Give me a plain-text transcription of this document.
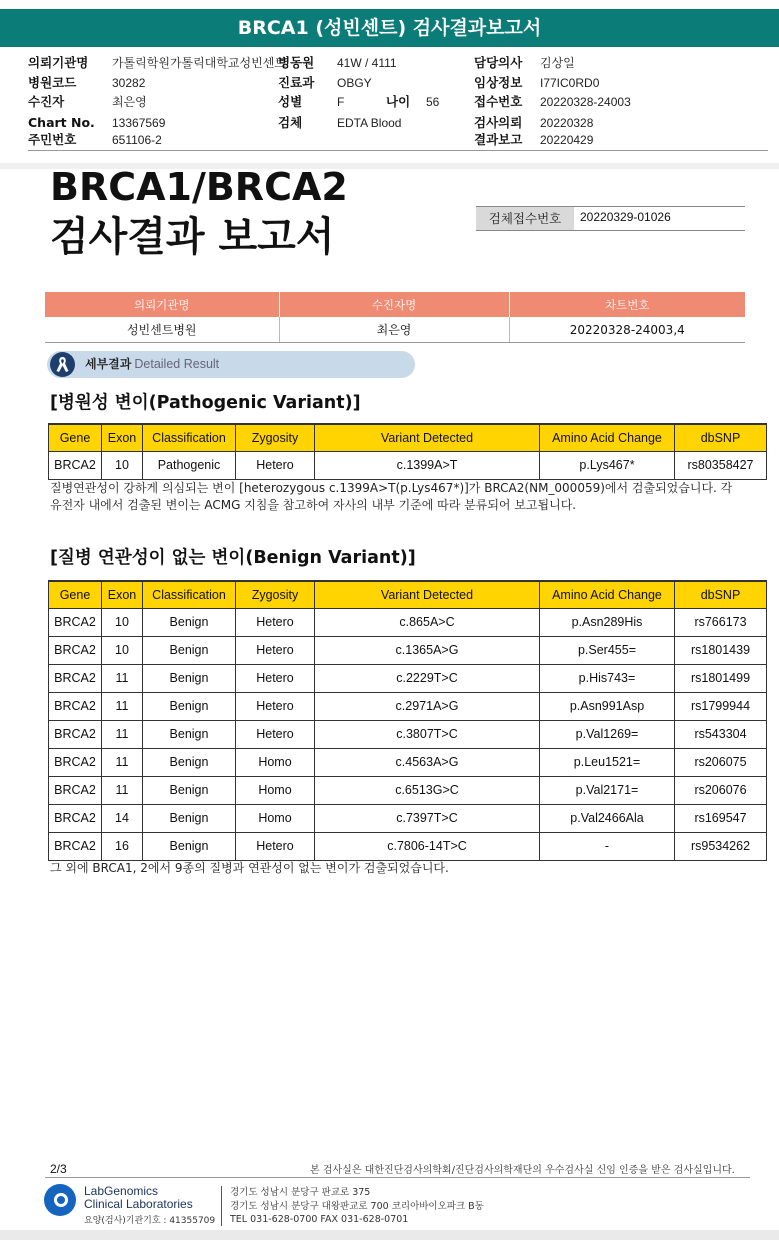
BRCA1 (성빈센트) 검사결과보고서
의뢰기관명 가톨릭학원가톨릭대학교성빈센트
병동원 41W / 4111	담당의사 김상일
병원코드	30282	진료과 OBGY	임상정보 I77IC0RD0
수진자	최은영	성별	F	나이 56	접수번호 20220328-24003
Chart No. 13367569	검체	EDTA Blood	검사의뢰 20220328
주민번호	651106-2	결과보고 20220429
BRCA1/BRCA2
검사결과 보고서	검체접수번호	20220329-01026
의뢰기관명	수진자명	차트번호
성빈센트병원	최은영	20220328-24003,4
세부결과 Detailed Result
[병원성 변이(Pathogenic Variant)]
Gene	Exon	Classification	Zygosity	Variant Detected	Amino Acid Change	dbSNP
BRCA2	10	Pathogenic	Hetero	c.1399A>T	p.Lys467*	rs80358427
질병연관성이 강하게 의심되는 변이 [heterozygous c.1399A>T(p.Lys467*)]가 BRCA2(NM_000059)에서 검출되었습니다. 각
유전자 내에서 검출된 변이는 ACMG 지침을 참고하여 자사의 내부 기준에 따라 분류되어 보고됩니다.
[질병 연관성이 없는 변이(Benign Variant)]
Gene	Exon	Classification	Zygosity	Variant Detected	Amino Acid Change	dbSNP
BRCA2	10	Benign	Hetero	c.865A>C	p.Asn289His	rs766173
BRCA2	10	Benign	Hetero	c.1365A>G	p.Ser455=	rs1801439
BRCA2	11	Benign	Hetero	c.2229T>C	p.His743=	rs1801499
BRCA2	11	Benign	Hetero	c.2971A>G	p.Asn991Asp	rs1799944
BRCA2	11	Benign	Hetero	c.3807T>C	p.Val1269=	rs543304
BRCA2	11	Benign	Homo	c.4563A>G	p.Leu1521=	rs206075
BRCA2	11	Benign	Homo	c.6513G>C	p.Val2171=	rs206076
BRCA2	14	Benign	Homo	c.7397T>C	p.Val2466Ala	rs169547
BRCA2	16	Benign	Hetero	c.7806-14T>C	-	rs9534262
그 외에 BRCA1, 2에서 9종의 질병과 연관성이 없는 변이가 검출되었습니다.
2/3	본 검사실은 대한진단검사의학회/진단검사의학재단의 우수검사실 신임 인증을 받은 검사실입니다.
LabGenomics
Clinical Laboratories
요양(검사)기관기호 : 41355709
경기도 성남시 분당구 판교로 375
경기도 성남시 분당구 대왕판교로 700 코리아바이오파크 B동
TEL 031-628-0700 FAX 031-628-0701
